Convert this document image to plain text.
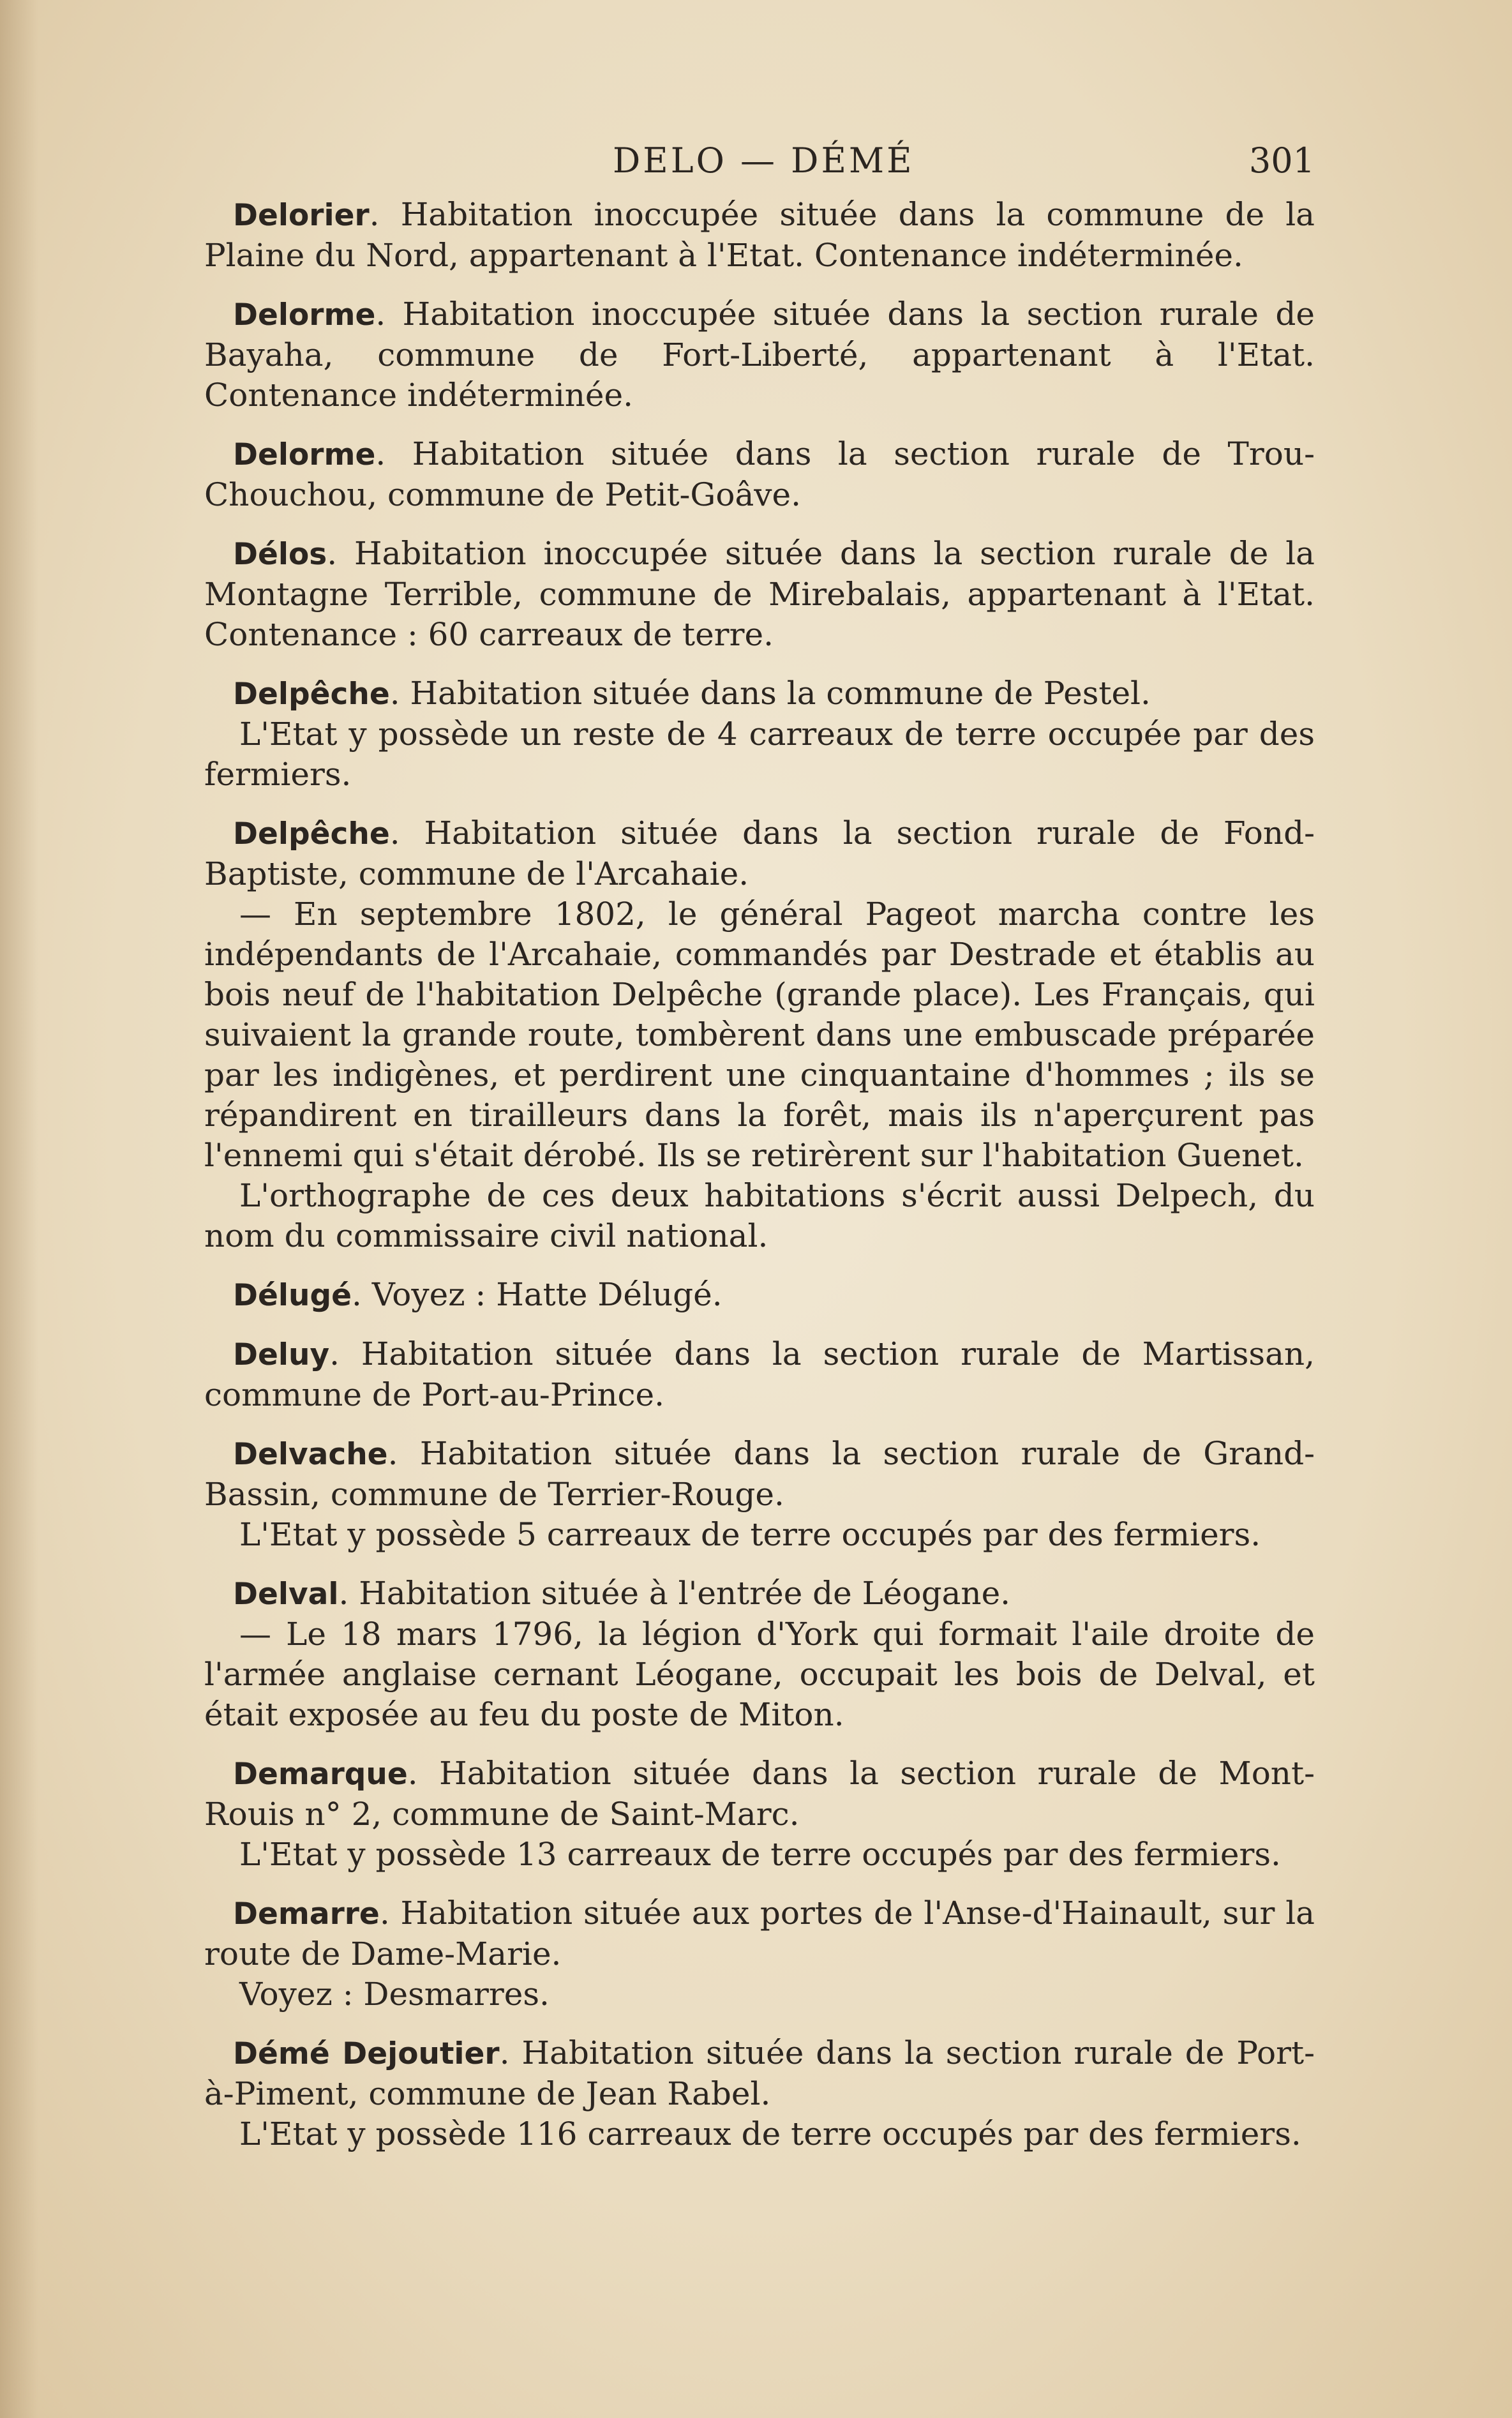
DELO — DÉMÉ	301

Delorier. Habitation inoccupée située dans la commune de la Plaine du Nord, appartenant à l'Etat. Contenance indéterminée.

Delorme. Habitation inoccupée située dans la section rurale de Bayaha, commune de Fort-Liberté, appartenant à l'Etat. Contenance indéterminée.

Delorme. Habitation située dans la section rurale de Trou-Chouchou, commune de Petit-Goâve.

Délos. Habitation inoccupée située dans la section rurale de la Montagne Terrible, commune de Mirebalais, appartenant à l'Etat. Contenance : 60 carreaux de terre.

Delpêche. Habitation située dans la commune de Pestel.

L'Etat y possède un reste de 4 carreaux de terre occupée par des fermiers.

Delpêche. Habitation située dans la section rurale de Fond-Baptiste, commune de l'Arcahaie.

— En septembre 1802, le général Pageot marcha contre les indépendants de l'Arcahaie, commandés par Destrade et établis au bois neuf de l'habitation Delpêche (grande place). Les Français, qui suivaient la grande route, tombèrent dans une embuscade préparée par les indigènes, et perdirent une cinquantaine d'hommes ; ils se répandirent en tirailleurs dans la forêt, mais ils n'aperçurent pas l'ennemi qui s'était dérobé. Ils se retirèrent sur l'habitation Guenet.

L'orthographe de ces deux habitations s'écrit aussi Delpech, du nom du commissaire civil national.

Délugé. Voyez : Hatte Délugé.

Deluy. Habitation située dans la section rurale de Martissan, commune de Port-au-Prince.

Delvache. Habitation située dans la section rurale de Grand-Bassin, commune de Terrier-Rouge.

L'Etat y possède 5 carreaux de terre occupés par des fermiers.

Delval. Habitation située à l'entrée de Léogane.

— Le 18 mars 1796, la légion d'York qui formait l'aile droite de l'armée anglaise cernant Léogane, occupait les bois de Delval, et était exposée au feu du poste de Miton.

Demarque. Habitation située dans la section rurale de Mont-Rouis n° 2, commune de Saint-Marc.

L'Etat y possède 13 carreaux de terre occupés par des fermiers.

Demarre. Habitation située aux portes de l'Anse-d'Hainault, sur la route de Dame-Marie.

Voyez : Desmarres.

Démé Dejoutier. Habitation située dans la section rurale de Port-à-Piment, commune de Jean Rabel.

L'Etat y possède 116 carreaux de terre occupés par des fermiers.
